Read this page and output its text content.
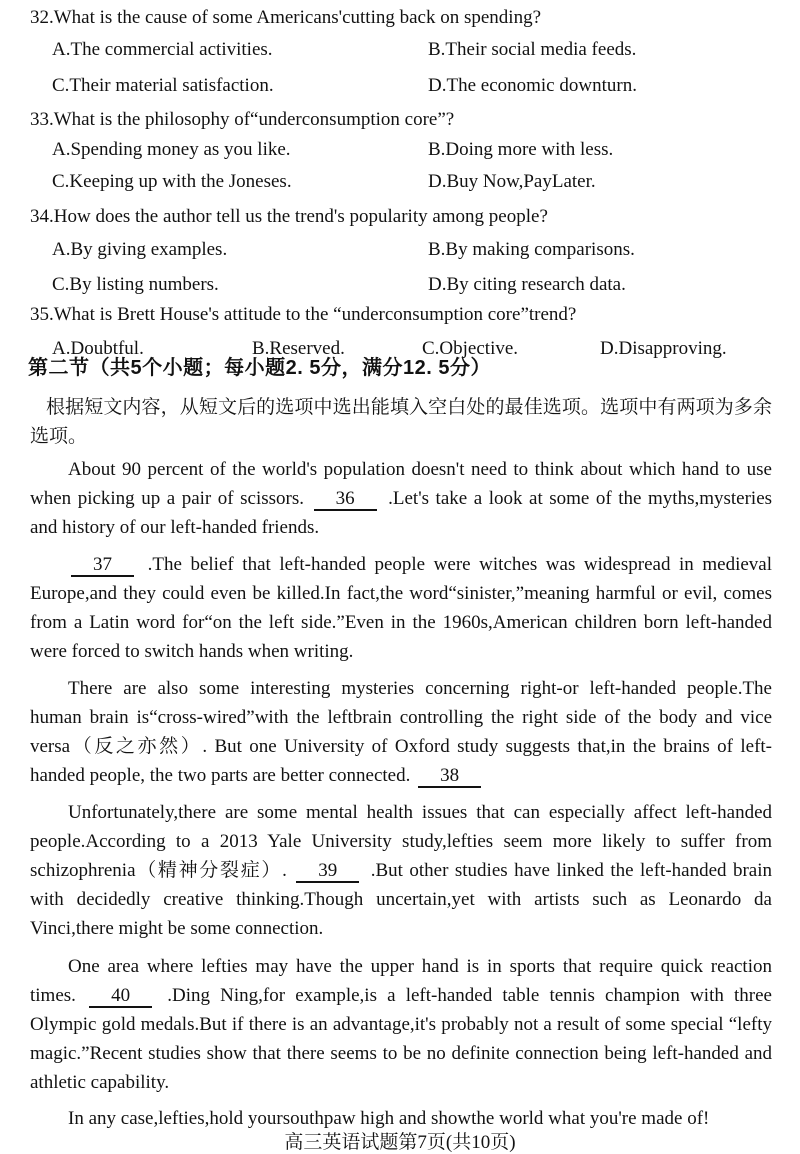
32.What is the cause of some Americans'cutting back on spending?
A.The commercial activities.	B.Their social media feeds.
C.Their material satisfaction.	D.The economic downturn.
33.What is the philosophy of“underconsumption core”?
A.Spending money as you like.	B.Doing more with less.
C.Keeping up with the Joneses.	D.Buy Now,PayLater.
34.How does the author tell us the trend's popularity among people?
A.By giving examples.	B.By making comparisons.
C.By listing numbers.	D.By citing research data.
35.What is Brett House's attitude to the “underconsumption core”trend?
A.Doubtful.	B.Reserved.	C.Objective.	D.Disapproving.
第二节（共5个小题；每小题2. 5分，满分12. 5分）
根据短文内容，从短文后的选项中选出能填入空白处的最佳选项。选项中有两项为多余选项。
About 90 percent of the world's population doesn't need to think about which hand to use when picking up a pair of scissors. 36 .Let's take a look at some of the myths,mysteries and history of our left-handed friends.
37 .The belief that left-handed people were witches was widespread in medieval Europe,and they could even be killed.In fact,the word“sinister,”meaning harmful or evil, comes from a Latin word for“on the left side.”Even in the 1960s,American children born left-handed were forced to switch hands when writing.
There are also some interesting mysteries concerning right-or left-handed people.The human brain is“cross-wired”with the leftbrain controlling the right side of the body and vice versa（反之亦然）. But one University of Oxford study suggests that,in the brains of left-handed people, the two parts are better connected. 38
Unfortunately,there are some mental health issues that can especially affect left-handed people.According to a 2013 Yale University study,lefties seem more likely to suffer from schizophrenia（精神分裂症）. 39 .But other studies have linked the left-handed brain with decidedly creative thinking.Though uncertain,yet with artists such as Leonardo da Vinci,there might be some connection.
One area where lefties may have the upper hand is in sports that require quick reaction times. 40 .Ding Ning,for example,is a left-handed table tennis champion with three Olympic gold medals.But if there is an advantage,it's probably not a result of some special “lefty magic.”Recent studies show that there seems to be no definite connection being left-handed and athletic capability.
In any case,lefties,hold yoursouthpaw high and showthe world what you're made of!
高三英语试题第7页(共10页)
